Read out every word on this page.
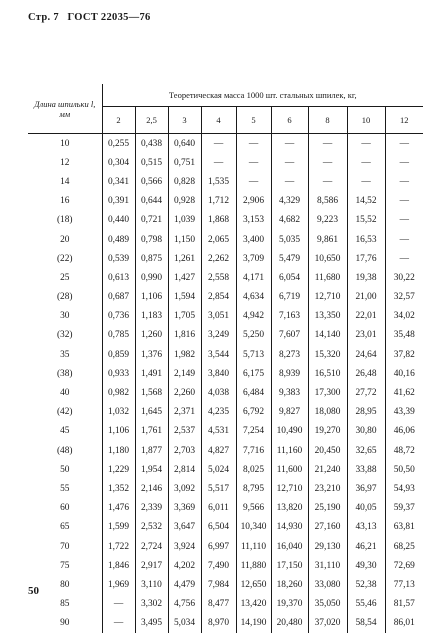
Стр. 7 ГОСТ 22035—76
Длина шпильки l, мм	Теоретическая масса 1000 шт. стальных шпилек, кг,								
	2	2,5	3	4	5	6	8	10	12
10	0,255	0,438	0,640	—	—	—	—	—	—
12	0,304	0,515	0,751	—	—	—	—	—	—
14	0,341	0,566	0,828	1,535	—	—	—	—	—
16	0,391	0,644	0,928	1,712	2,906	4,329	8,586	14,52	—
(18)	0,440	0,721	1,039	1,868	3,153	4,682	9,223	15,52	—
20	0,489	0,798	1,150	2,065	3,400	5,035	9,861	16,53	—
(22)	0,539	0,875	1,261	2,262	3,709	5,479	10,650	17,76	—
25	0,613	0,990	1,427	2,558	4,171	6,054	11,680	19,38	30,22
(28)	0,687	1,106	1,594	2,854	4,634	6,719	12,710	21,00	32,57
30	0,736	1,183	1,705	3,051	4,942	7,163	13,350	22,01	34,02
(32)	0,785	1,260	1,816	3,249	5,250	7,607	14,140	23,01	35,48
35	0,859	1,376	1,982	3,544	5,713	8,273	15,320	24,64	37,82
(38)	0,933	1,491	2,149	3,840	6,175	8,939	16,510	26,48	40,16
40	0,982	1,568	2,260	4,038	6,484	9,383	17,300	27,72	41,62
(42)	1,032	1,645	2,371	4,235	6,792	9,827	18,080	28,95	43,39
45	1,106	1,761	2,537	4,531	7,254	10,490	19,270	30,80	46,06
(48)	1,180	1,877	2,703	4,827	7,716	11,160	20,450	32,65	48,72
50	1,229	1,954	2,814	5,024	8,025	11,600	21,240	33,88	50,50
55	1,352	2,146	3,092	5,517	8,795	12,710	23,210	36,97	54,93
60	1,476	2,339	3,369	6,011	9,566	13,820	25,190	40,05	59,37
65	1,599	2,532	3,647	6,504	10,340	14,930	27,160	43,13	63,81
70	1,722	2,724	3,924	6,997	11,110	16,040	29,130	46,21	68,25
75	1,846	2,917	4,202	7,490	11,880	17,150	31,110	49,30	72,69
80	1,969	3,110	4,479	7,984	12,650	18,260	33,080	52,38	77,13
85	—	3,302	4,756	8,477	13,420	19,370	35,050	55,46	81,57
90	—	3,495	5,034	8,970	14,190	20,480	37,020	58,54	86,01
50
